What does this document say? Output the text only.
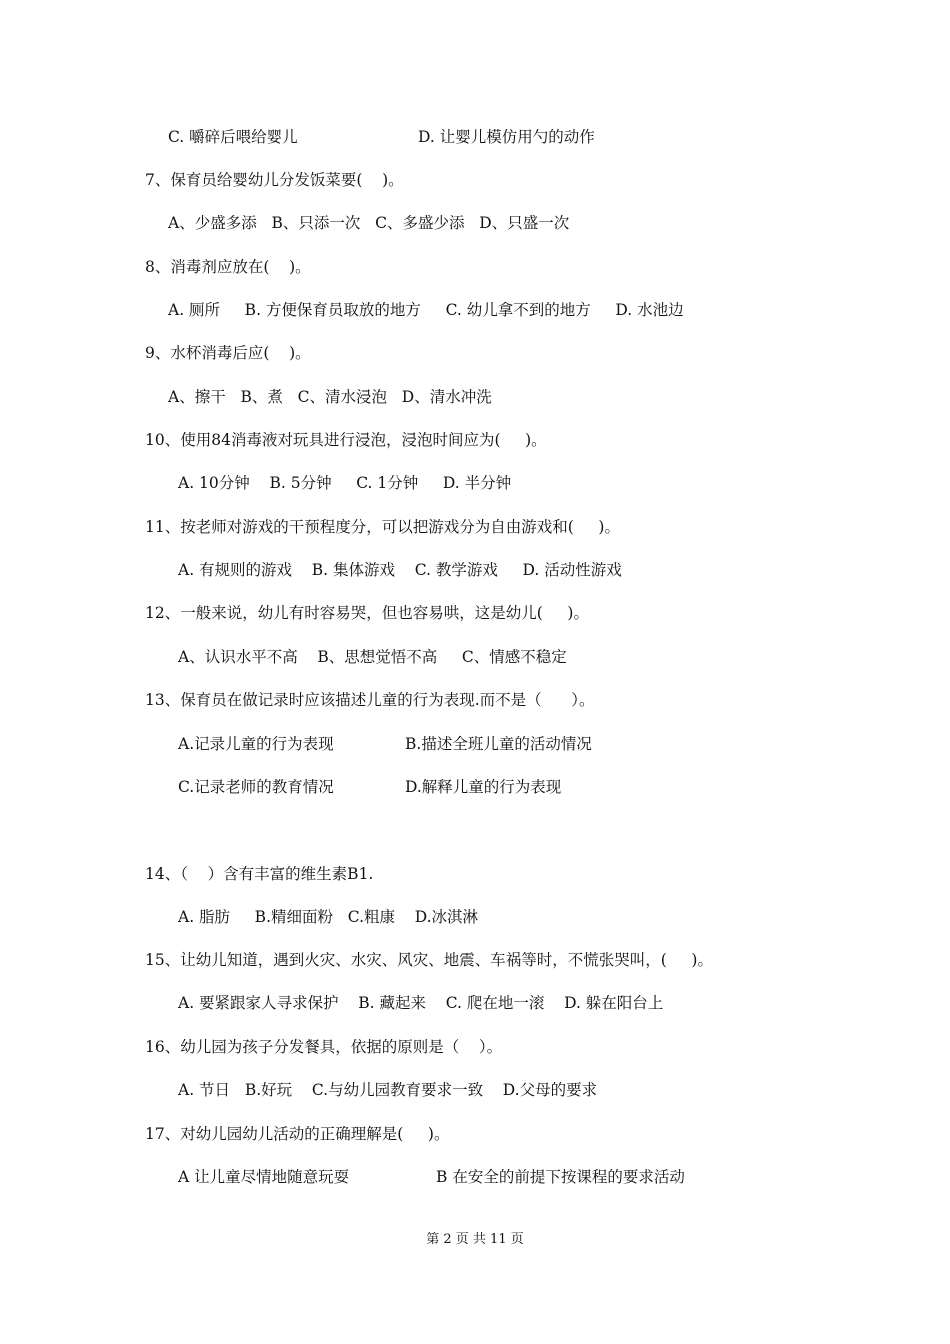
C. 嚼碎后喂给婴儿	D. 让婴儿模仿用勺的动作
7、保育员给婴幼儿分发饭菜要(    )。
A、少盛多添   B、只添一次   C、多盛少添   D、只盛一次
8、消毒剂应放在(    )。
A. 厕所     B. 方便保育员取放的地方     C. 幼儿拿不到的地方     D. 水池边
9、水杯消毒后应(    )。
A、擦干   B、煮   C、清水浸泡   D、清水冲洗
10、使用84消毒液对玩具进行浸泡，浸泡时间应为(     )。
A. 10分钟    B. 5分钟     C. 1分钟     D. 半分钟
11、按老师对游戏的干预程度分，可以把游戏分为自由游戏和(     )。
A. 有规则的游戏    B. 集体游戏    C. 教学游戏     D. 活动性游戏
12、一般来说，幼儿有时容易哭，但也容易哄，这是幼儿(     )。
A、认识水平不高    B、思想觉悟不高     C、情感不稳定
13、保育员在做记录时应该描述儿童的行为表现.而不是（      ）。
A.记录儿童的行为表现	B.描述全班儿童的活动情况
C.记录老师的教育情况	D.解释儿童的行为表现
14、（    ）含有丰富的维生素B1.
A. 脂肪     B.精细面粉   C.粗康    D.冰淇淋
15、让幼儿知道，遇到火灾、水灾、风灾、地震、车祸等时，不慌张哭叫，(     )。
A. 要紧跟家人寻求保护    B. 藏起来    C. 爬在地一滚    D. 躲在阳台上
16、幼儿园为孩子分发餐具，依据的原则是（    ）。
A. 节日   B.好玩    C.与幼儿园教育要求一致    D.父母的要求
17、对幼儿园幼儿活动的正确理解是(     )。
A 让儿童尽情地随意玩耍	B 在安全的前提下按课程的要求活动
第 2 页 共 11 页
